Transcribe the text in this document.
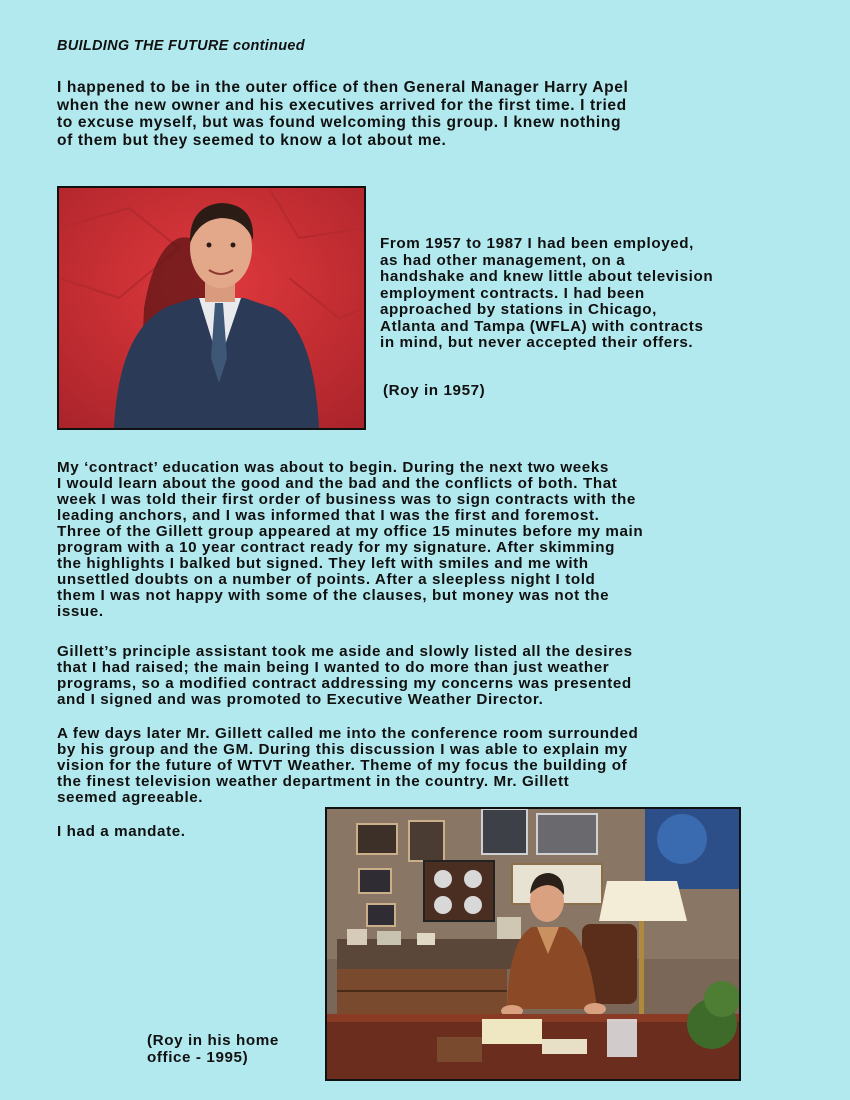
BUILDING THE FUTURE continued

I happened to be in the outer office of then General Manager Harry Apel
when the new owner and his executives arrived for the first time. I tried
to excuse myself, but was found welcoming this group. I knew nothing
of them but they seemed to know a lot about me.

From 1957 to 1987 I had been employed,
as had other management, on a
handshake and knew little about television
employment contracts. I had been
approached by stations in Chicago,
Atlanta and Tampa (WFLA) with contracts
in mind, but never accepted their offers.

(Roy in 1957)

My ‘contract’ education was about to begin. During the next two weeks
I would learn about the good and the bad and the conflicts of both. That
week I was told their first order of business was to sign contracts with the
leading anchors, and I was informed that I was the first and foremost.
Three of the Gillett group appeared at my office 15 minutes before my main
program with a 10 year contract ready for my signature. After skimming
the highlights I balked but signed. They left with smiles and me with
unsettled doubts on a number of points. After a sleepless night I told
them I was not happy with some of the clauses, but money was not the
issue.

Gillett’s principle assistant took me aside and slowly listed all the desires
that I had raised; the main being I wanted to do more than just weather
programs, so a modified contract addressing my concerns was presented
and I signed and was promoted to Executive Weather Director.

A few days later Mr. Gillett called me into the conference room surrounded
by his group and the GM. During this discussion I was able to explain my
vision for the future of WTVT Weather. Theme of my focus the building of
the finest television weather department in the country. Mr. Gillett
seemed agreeable.

I had a mandate.

(Roy in his home
office - 1995)
